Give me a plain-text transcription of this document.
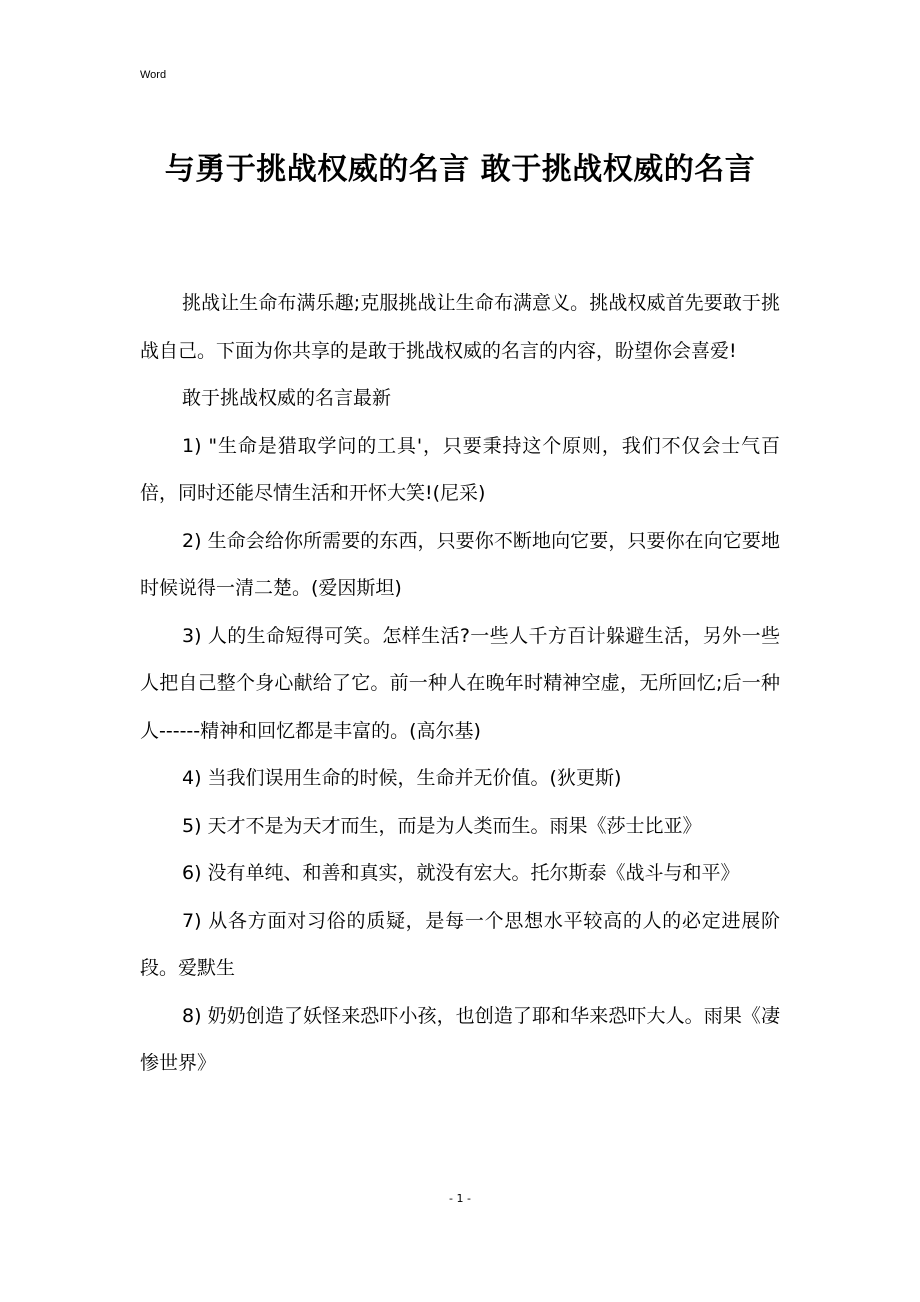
Word
与勇于挑战权威的名言 敢于挑战权威的名言

挑战让生命布满乐趣;克服挑战让生命布满意义。挑战权威首先要敢于挑战自己。下面为你共享的是敢于挑战权威的名言的内容，盼望你会喜爱!

敢于挑战权威的名言最新

1) "生命是猎取学问的工具'，只要秉持这个原则，我们不仅会士气百倍，同时还能尽情生活和开怀大笑!(尼采)

2) 生命会给你所需要的东西，只要你不断地向它要，只要你在向它要地时候说得一清二楚。(爱因斯坦)

3) 人的生命短得可笑。怎样生活?一些人千方百计躲避生活，另外一些人把自己整个身心献给了它。前一种人在晚年时精神空虚，无所回忆;后一种人------精神和回忆都是丰富的。(高尔基)

4) 当我们误用生命的时候，生命并无价值。(狄更斯)

5) 天才不是为天才而生，而是为人类而生。雨果《莎士比亚》

6) 没有单纯、和善和真实，就没有宏大。托尔斯泰《战斗与和平》

7) 从各方面对习俗的质疑，是每一个思想水平较高的人的必定进展阶段。爱默生

8) 奶奶创造了妖怪来恐吓小孩，也创造了耶和华来恐吓大人。雨果《凄惨世界》

- 1 -
